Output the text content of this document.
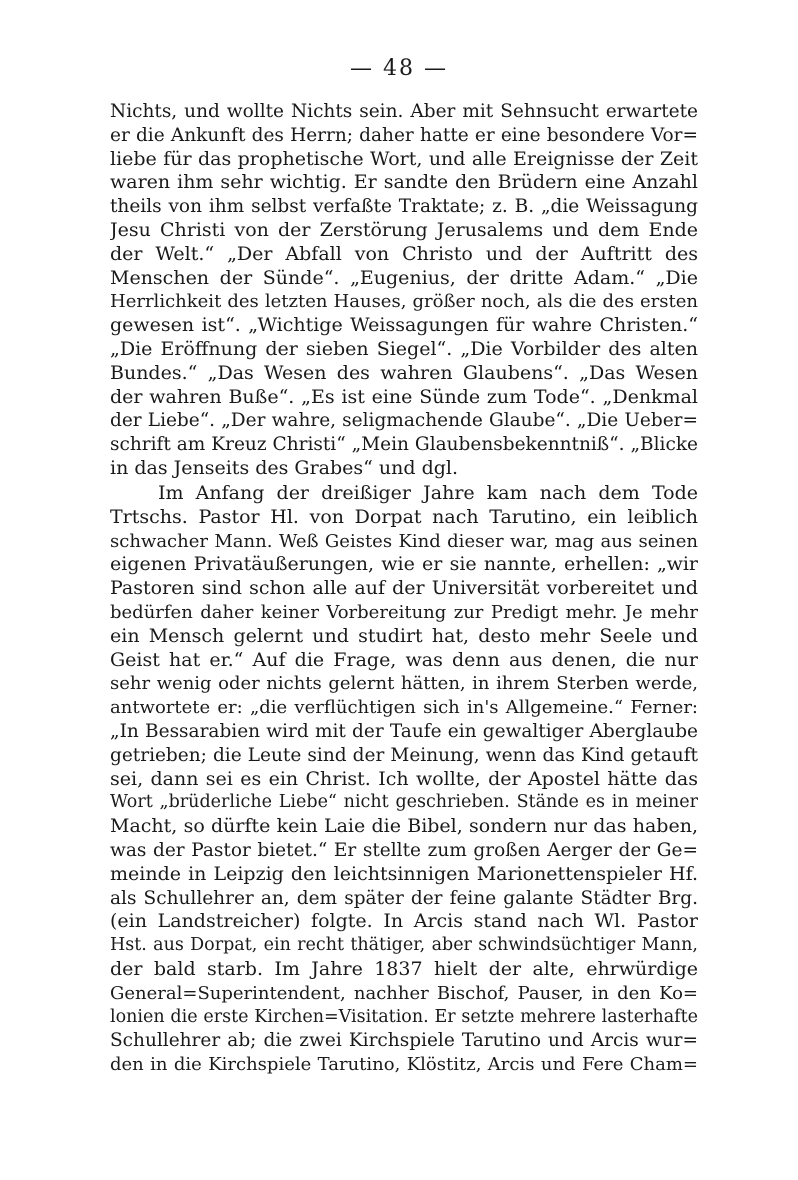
— 48 —
Nichts, und wollte Nichts sein. Aber mit Sehnsucht erwartete
er die Ankunft des Herrn; daher hatte er eine besondere Vor=
liebe für das prophetische Wort, und alle Ereignisse der Zeit
waren ihm sehr wichtig. Er sandte den Brüdern eine Anzahl
theils von ihm selbst verfaßte Traktate; z. B. „die Weissagung
Jesu Christi von der Zerstörung Jerusalems und dem Ende
der Welt.“ „Der Abfall von Christo und der Auftritt des
Menschen der Sünde“. „Eugenius, der dritte Adam.“ „Die
Herrlichkeit des letzten Hauses, größer noch, als die des ersten
gewesen ist“. „Wichtige Weissagungen für wahre Christen.“
„Die Eröffnung der sieben Siegel“. „Die Vorbilder des alten
Bundes.“ „Das Wesen des wahren Glaubens“. „Das Wesen
der wahren Buße“. „Es ist eine Sünde zum Tode“. „Denkmal
der Liebe“. „Der wahre, seligmachende Glaube“. „Die Ueber=
schrift am Kreuz Christi“ „Mein Glaubensbekenntniß“. „Blicke
in das Jenseits des Grabes“ und dgl.
Im Anfang der dreißiger Jahre kam nach dem Tode
Trtschs. Pastor Hl. von Dorpat nach Tarutino, ein leiblich
schwacher Mann. Weß Geistes Kind dieser war, mag aus seinen
eigenen Privatäußerungen, wie er sie nannte, erhellen: „wir
Pastoren sind schon alle auf der Universität vorbereitet und
bedürfen daher keiner Vorbereitung zur Predigt mehr. Je mehr
ein Mensch gelernt und studirt hat, desto mehr Seele und
Geist hat er.“ Auf die Frage, was denn aus denen, die nur
sehr wenig oder nichts gelernt hätten, in ihrem Sterben werde,
antwortete er: „die verflüchtigen sich in's Allgemeine.“ Ferner:
„In Bessarabien wird mit der Taufe ein gewaltiger Aberglaube
getrieben; die Leute sind der Meinung, wenn das Kind getauft
sei, dann sei es ein Christ. Ich wollte, der Apostel hätte das
Wort „brüderliche Liebe“ nicht geschrieben. Stände es in meiner
Macht, so dürfte kein Laie die Bibel, sondern nur das haben,
was der Pastor bietet.“ Er stellte zum großen Aerger der Ge=
meinde in Leipzig den leichtsinnigen Marionettenspieler Hf.
als Schullehrer an, dem später der feine galante Städter Brg.
(ein Landstreicher) folgte. In Arcis stand nach Wl. Pastor
Hst. aus Dorpat, ein recht thätiger, aber schwindsüchtiger Mann,
der bald starb. Im Jahre 1837 hielt der alte, ehrwürdige
General=Superintendent, nachher Bischof, Pauser, in den Ko=
lonien die erste Kirchen=Visitation. Er setzte mehrere lasterhafte
Schullehrer ab; die zwei Kirchspiele Tarutino und Arcis wur=
den in die Kirchspiele Tarutino, Klöstitz, Arcis und Fere Cham=
